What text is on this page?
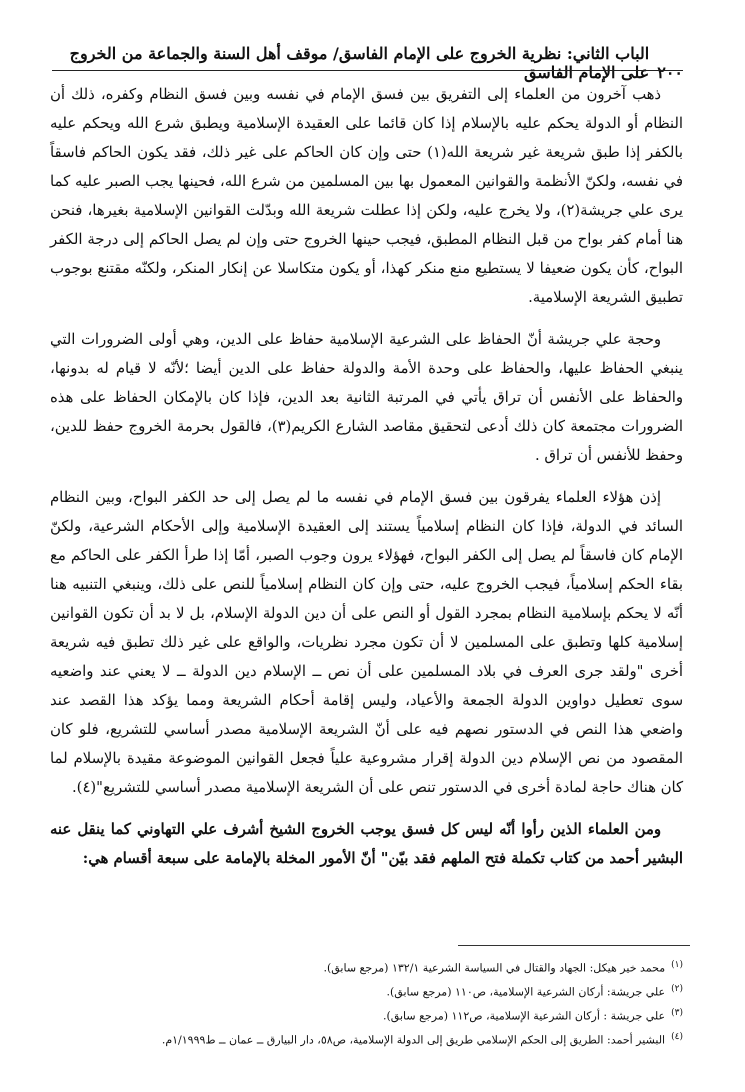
٢٠٠
الباب الثاني: نظرية الخروج على الإمام الفاسق/ موقف أهل السنة والجماعة من الخروج على الإمام الفاسق

ذهب آخرون من العلماء إلى التفريق بين فسق الإمام في نفسه وبين فسق النظام وكفره، ذلك أن النظام أو الدولة يحكم عليه بالإسلام إذا كان قائما على العقيدة الإسلامية ويطبق شرع الله ويحكم عليه بالكفر إذا طبق شريعة غير شريعة الله(١) حتى وإن كان الحاكم على غير ذلك، فقد يكون الحاكم فاسقاً في نفسه، ولكنّ الأنظمة والقوانين المعمول بها بين المسلمين من شرع الله، فحينها يجب الصبر عليه كما يرى علي جريشة(٢)، ولا يخرج عليه، ولكن إذا عطلت شريعة الله وبدّلت القوانين الإسلامية بغيرها، فنحن هنا أمام كفر بواح من قبل النظام المطبق، فيجب حينها الخروج حتى وإن لم يصل الحاكم إلى درجة الكفر البواح، كأن يكون ضعيفا لا يستطيع منع منكر كهذا، أو يكون متكاسلا عن إنكار المنكر، ولكنّه مقتنع بوجوب تطبيق الشريعة الإسلامية.

وحجة علي جريشة أنّ الحفاظ على الشرعية الإسلامية حفاظ على الدين، وهي أولى الضرورات التي ينبغي الحفاظ عليها، والحفاظ على وحدة الأمة والدولة حفاظ على الدين أيضا ؛لأنّه لا قيام له بدونها، والحفاظ على الأنفس أن تراق يأتي في المرتبة الثانية بعد الدين، فإذا كان بالإمكان الحفاظ على هذه الضرورات مجتمعة كان ذلك أدعى لتحقيق مقاصد الشارع الكريم(٣)، فالقول بحرمة الخروج حفظ للدين، وحفظ للأنفس أن تراق .

إذن هؤلاء العلماء يفرقون بين فسق الإمام في نفسه ما لم يصل إلى حد الكفر البواح، وبين النظام السائد في الدولة، فإذا كان النظام إسلامياً يستند إلى العقيدة الإسلامية وإلى الأحكام الشرعية، ولكنّ الإمام كان فاسقاً لم يصل إلى الكفر البواح، فهؤلاء يرون وجوب الصبر، أمّا إذا طرأ الكفر على الحاكم مع بقاء الحكم إسلامياً، فيجب الخروج عليه، حتى وإن كان النظام إسلامياً للنص على ذلك، وينبغي التنبيه هنا أنّه لا يحكم بإسلامية النظام بمجرد القول أو النص على أن دين الدولة الإسلام، بل لا بد أن تكون القوانين إسلامية كلها وتطبق على المسلمين لا أن تكون مجرد نظريات، والواقع على غير ذلك تطبق فيه شريعة أخرى "ولقد جرى العرف في بلاد المسلمين على أن نص ــ الإسلام دين الدولة ــ لا يعني عند واضعيه سوى تعطيل دواوين الدولة الجمعة والأعياد، وليس إقامة أحكام الشريعة ومما يؤكد هذا القصد عند واضعي هذا النص في الدستور نصهم فيه على أنّ الشريعة الإسلامية مصدر أساسي للتشريع، فلو كان المقصود من نص الإسلام دين الدولة إقرار مشروعية علياً فجعل القوانين الموضوعة مقيدة بالإسلام لما كان هناك حاجة لمادة أخرى في الدستور تنص على أن الشريعة الإسلامية مصدر أساسي للتشريع"(٤).

ومن العلماء الذين رأوا أنّه ليس كل فسق يوجب الخروج الشيخ أشرف علي التهاوني كما ينقل عنه البشير أحمد من كتاب تكملة فتح الملهم فقد بيّن" أنّ الأمور المخلة بالإمامة على سبعة أقسام هي:

$^{(١)}$محمد خير هيكل: الجهاد والقتال في السياسة الشرعية ١٣٢/١ (مرجع سابق).
$^{(٢)}$علي جريشة: أركان الشرعية الإسلامية، ص١١٠ (مرجع سابق).
$^{(٣)}$علي جريشة : أركان الشرعية الإسلامية، ص١١٢ (مرجع سابق).
$^{(٤)}$البشير أحمد: الطريق إلى الحكم الإسلامي طريق إلى الدولة الإسلامية، ص٥٨، دار البيارق ــ عمان ــ ط١/١٩٩٩م.
